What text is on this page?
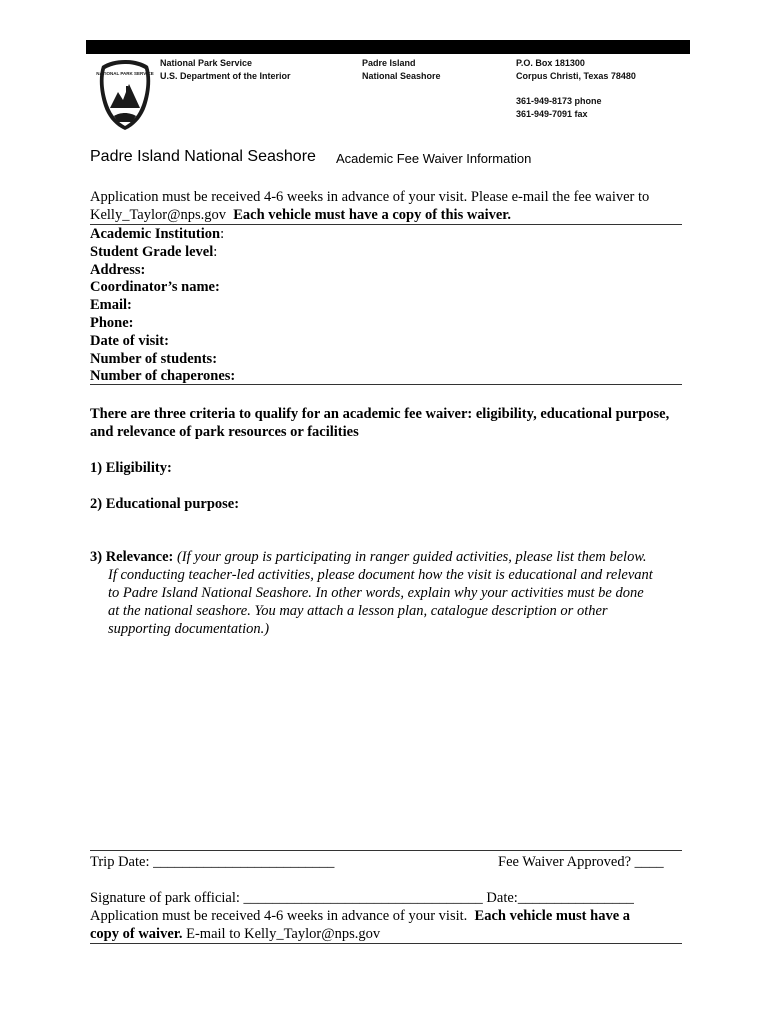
NATIONAL PARK SERVICE
National Park Service
U.S. Department of the Interior
Padre Island
National Seashore
P.O. Box 181300
Corpus Christi, Texas 78480
361-949-8173 phone
361-949-7091 fax
Padre Island National Seashore Academic Fee Waiver Information
Application must be received 4-6 weeks in advance of your visit. Please e-mail the fee waiver to
Kelly_Taylor@nps.gov  Each vehicle must have a copy of this waiver.
Academic Institution:
Student Grade level:
Address:
Coordinator’s name:
Email:
Phone:
Date of visit:
Number of students:
Number of chaperones:
There are three criteria to qualify for an academic fee waiver: eligibility, educational purpose, and relevance of park resources or facilities
1) Eligibility:
2) Educational purpose:
3) Relevance: (If your group is participating in ranger guided activities, please list them below.
If conducting teacher-led activities, please document how the visit is educational and relevant
to Padre Island National Seashore. In other words, explain why your activities must be done
at the national seashore. You may attach a lesson plan, catalogue description or other
supporting documentation.)
Trip Date: _________________________	Fee Waiver Approved? ____
Signature of park official: _________________________________ Date:________________
Application must be received 4-6 weeks in advance of your visit.  Each vehicle must have a
copy of waiver. E-mail to Kelly_Taylor@nps.gov
